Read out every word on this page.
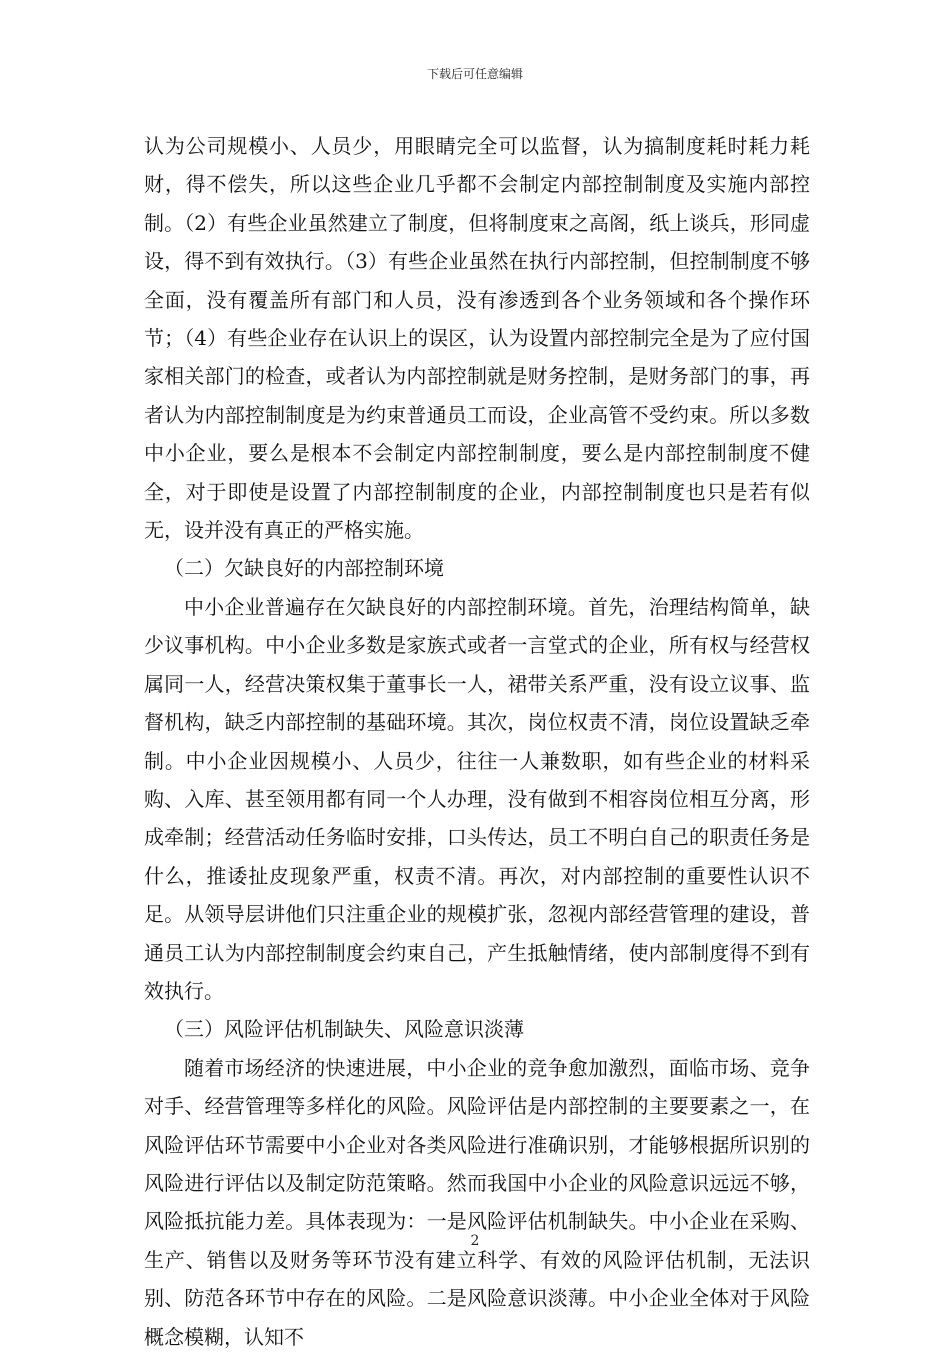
下载后可任意编辑

认为公司规模小、人员少，用眼睛完全可以监督，认为搞制度耗时耗力耗财，得不偿失，所以这些企业几乎都不会制定内部控制制度及实施内部控制。（2）有些企业虽然建立了制度，但将制度束之高阁，纸上谈兵，形同虚设，得不到有效执行。（3）有些企业虽然在执行内部控制，但控制制度不够全面，没有覆盖所有部门和人员，没有渗透到各个业务领域和各个操作环节；（4）有些企业存在认识上的误区，认为设置内部控制完全是为了应付国家相关部门的检查，或者认为内部控制就是财务控制，是财务部门的事，再者认为内部控制制度是为约束普通员工而设，企业高管不受约束。所以多数中小企业，要么是根本不会制定内部控制制度，要么是内部控制制度不健全，对于即使是设置了内部控制制度的企业，内部控制制度也只是若有似无，设并没有真正的严格实施。

（二）欠缺良好的内部控制环境

中小企业普遍存在欠缺良好的内部控制环境。首先，治理结构简单，缺少议事机构。中小企业多数是家族式或者一言堂式的企业，所有权与经营权属同一人，经营决策权集于董事长一人，裙带关系严重，没有设立议事、监督机构，缺乏内部控制的基础环境。其次，岗位权责不清，岗位设置缺乏牵制。中小企业因规模小、人员少，往往一人兼数职，如有些企业的材料采购、入库、甚至领用都有同一个人办理，没有做到不相容岗位相互分离，形成牵制；经营活动任务临时安排，口头传达，员工不明白自己的职责任务是什么，推诿扯皮现象严重，权责不清。再次，对内部控制的重要性认识不足。从领导层讲他们只注重企业的规模扩张，忽视内部经营管理的建设，普通员工认为内部控制制度会约束自己，产生抵触情绪，使内部制度得不到有效执行。

（三）风险评估机制缺失、风险意识淡薄

随着市场经济的快速进展，中小企业的竞争愈加激烈，面临市场、竞争对手、经营管理等多样化的风险。风险评估是内部控制的主要要素之一，在风险评估环节需要中小企业对各类风险进行准确识别，才能够根据所识别的风险进行评估以及制定防范策略。然而我国中小企业的风险意识远远不够，风险抵抗能力差。具体表现为：一是风险评估机制缺失。中小企业在采购、生产、销售以及财务等环节没有建立科学、有效的风险评估机制，无法识别、防范各环节中存在的风险。二是风险意识淡薄。中小企业全体对于风险概念模糊，认知不

2
